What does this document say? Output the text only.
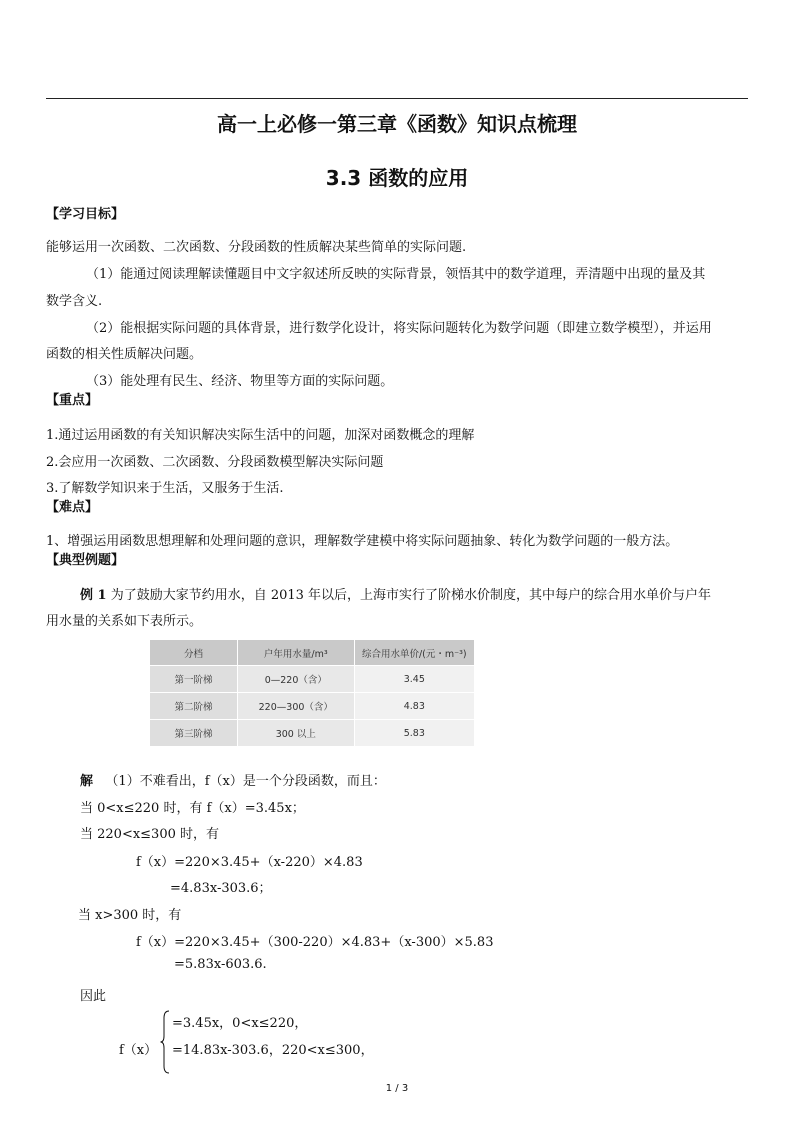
高一上必修一第三章《函数》知识点梳理
3.3 函数的应用
【学习目标】
能够运用一次函数、二次函数、分段函数的性质解决某些简单的实际问题.
（1）能通过阅读理解读懂题目中文字叙述所反映的实际背景，领悟其中的数学道理，弄清题中出现的量及其
数学含义.
（2）能根据实际问题的具体背景，进行数学化设计，将实际问题转化为数学问题（即建立数学模型），并运用
函数的相关性质解决问题。
（3）能处理有民生、经济、物里等方面的实际问题。
【重点】
1.通过运用函数的有关知识解决实际生活中的问题，加深对函数概念的理解
2.会应用一次函数、二次函数、分段函数模型解决实际问题
3.了解数学知识来于生活，又服务于生活.
【难点】
1、增强运用函数思想理解和处理问题的意识，理解数学建模中将实际问题抽象、转化为数学问题的一般方法。
【典型例题】
例 1 为了鼓励大家节约用水，自 2013 年以后，上海市实行了阶梯水价制度，其中每户的综合用水单价与户年
用水量的关系如下表所示。
分档	户年用水量/m³	综合用水单价/(元・m⁻³)
第一阶梯	0—220（含）	3.45
第二阶梯	220—300（含）	4.83
第三阶梯	300 以上	5.83
解 （1）不难看出，f（x）是一个分段函数，而且：
当 0<x≤220 时，有 f（x）=3.45x；
当 220<x≤300 时，有
f（x）=220×3.45+（x-220）×4.83
=4.83x-303.6；
当 x>300 时，有
f（x）=220×3.45+（300-220）×4.83+（x-300）×5.83
=5.83x-603.6.
因此
f（x）
=3.45x，0<x≤220，
=14.83x-303.6，220<x≤300，
1 / 3
